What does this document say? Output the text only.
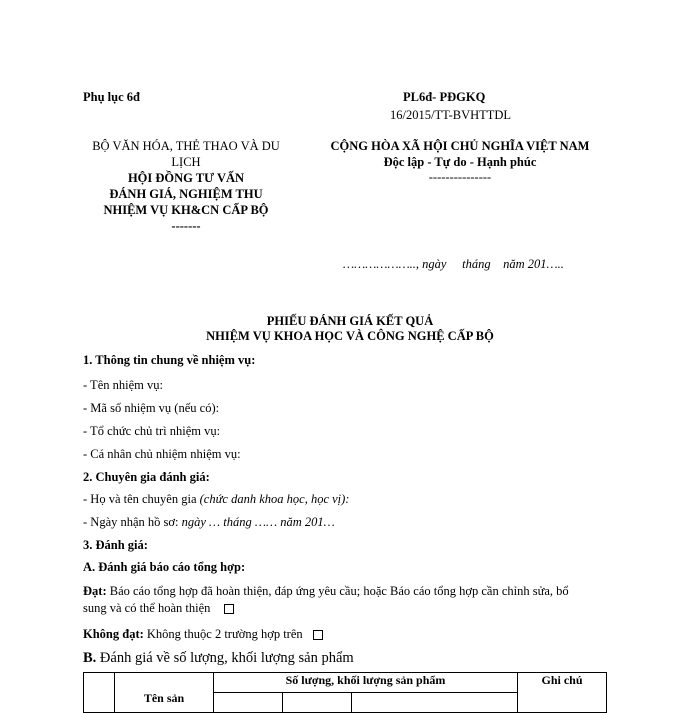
Phụ lục 6đ
BỘ VĂN HÓA, THẺ THAO VÀ DU
LỊCH
HỘI ĐỒNG TƯ VẤN
ĐÁNH GIÁ, NGHIỆM THU
NHIỆM VỤ KH&CN CẤP BỘ
-------
PL6đ- PĐGKQ
16/2015/TT-BVHTTDL
CỘNG HÒA XÃ HỘI CHỦ NGHĨA VIỆT NAM
Độc lập - Tự do - Hạnh phúc
---------------
……………….., ngày     tháng    năm 201…..
PHIẾU ĐÁNH GIÁ KẾT QUẢ
NHIỆM VỤ KHOA HỌC VÀ CÔNG NGHỆ CẤP BỘ
1. Thông tin chung về nhiệm vụ:
- Tên nhiệm vụ:
- Mã số nhiệm vụ (nếu có):
- Tổ chức chủ trì nhiệm vụ:
- Cá nhân chủ nhiệm nhiệm vụ:
2. Chuyên gia đánh giá:
- Họ và tên chuyên gia (chức danh khoa học, học vị):
- Ngày nhận hồ sơ: ngày … tháng …… năm 201…
3. Đánh giá:
A. Đánh giá báo cáo tổng hợp:
Đạt: Báo cáo tổng hợp đã hoàn thiện, đáp ứng yêu cầu; hoặc Báo cáo tổng hợp cần chỉnh sửa, bổ
sung và có thể hoàn thiện
Không đạt: Không thuộc 2 trường hợp trên
B. Đánh giá về số lượng, khối lượng sản phẩm
	Tên sản	Số lượng, khối lượng sản phẩm			Ghi chú
